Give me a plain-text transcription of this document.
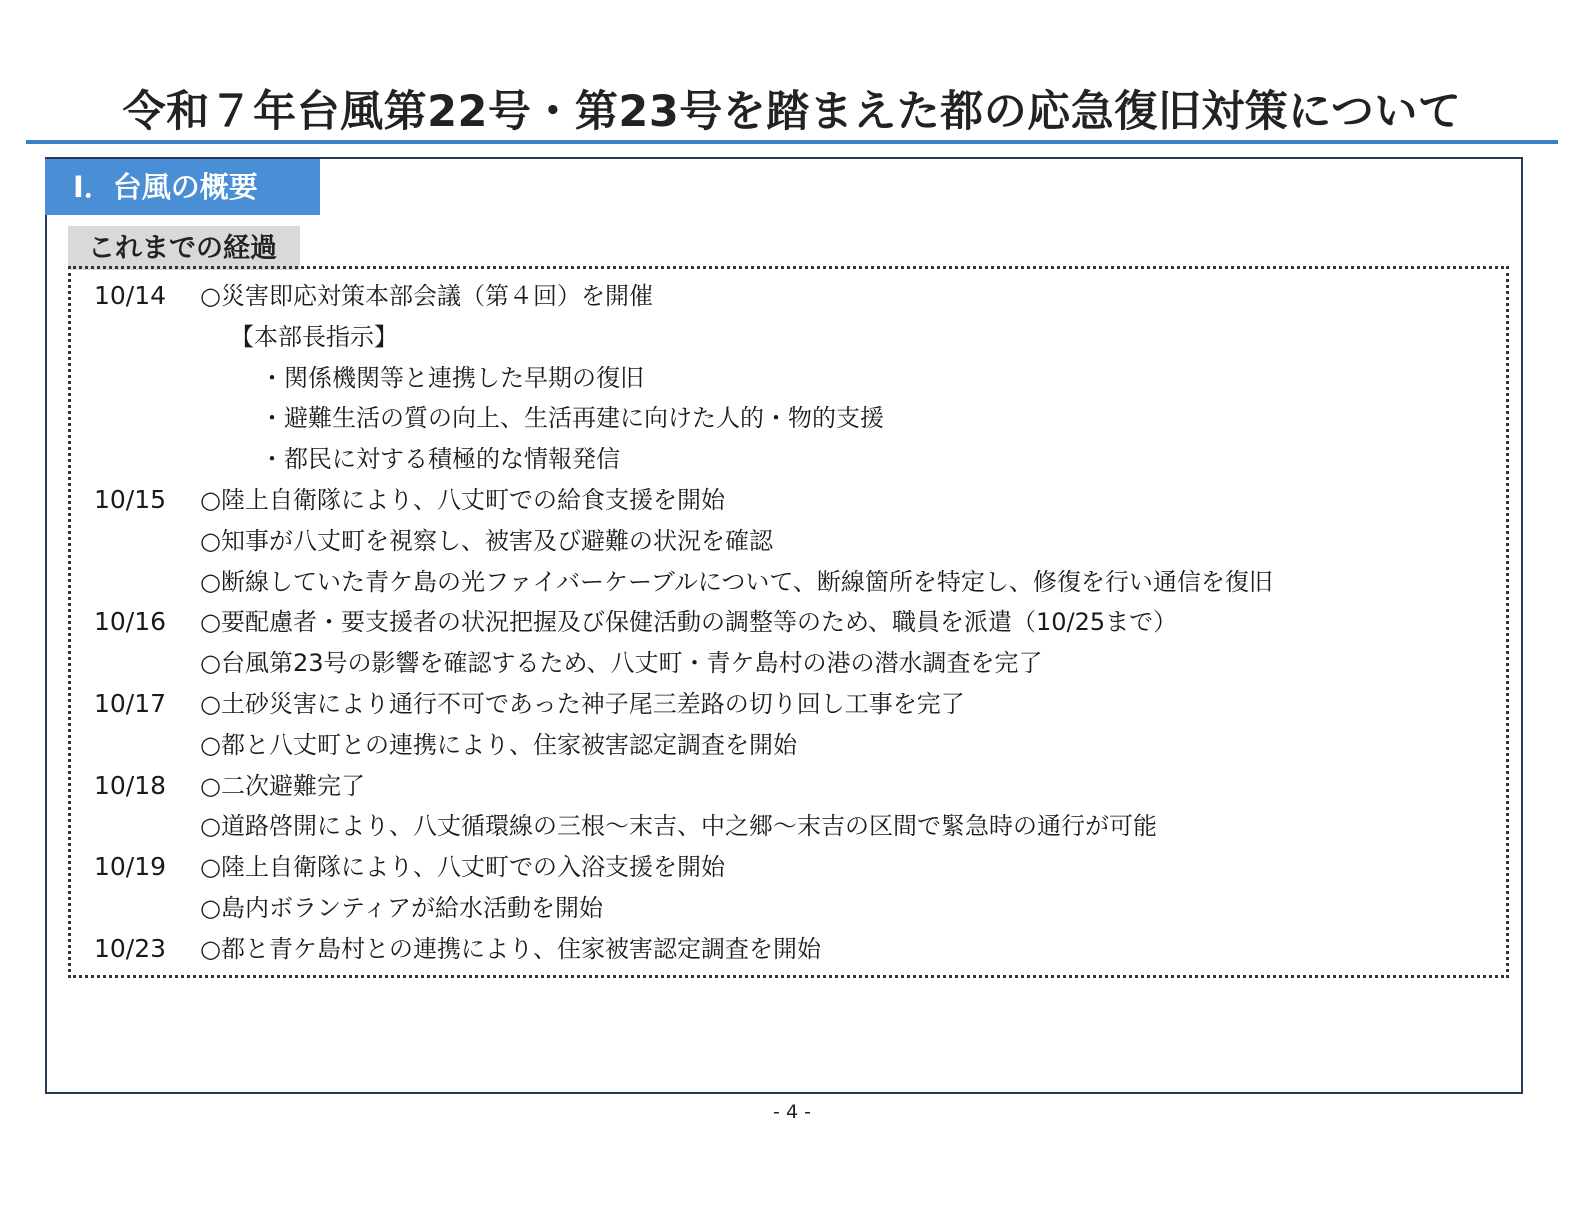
令和７年台風第22号・第23号を踏まえた都の応急復旧対策について
Ⅰ．台風の概要
これまでの経過
10/14	○災害即応対策本部会議（第４回）を開催
【本部長指示】
・関係機関等と連携した早期の復旧
・避難生活の質の向上、生活再建に向けた人的・物的支援
・都民に対する積極的な情報発信
10/15	○陸上自衛隊により、八丈町での給食支援を開始
○知事が八丈町を視察し、被害及び避難の状況を確認
○断線していた青ケ島の光ファイバーケーブルについて、断線箇所を特定し、修復を行い通信を復旧
10/16	○要配慮者・要支援者の状況把握及び保健活動の調整等のため、職員を派遣（10/25まで）
○台風第23号の影響を確認するため、八丈町・青ケ島村の港の潜水調査を完了
10/17	○土砂災害により通行不可であった神子尾三差路の切り回し工事を完了
○都と八丈町との連携により、住家被害認定調査を開始
10/18	○二次避難完了
○道路啓開により、八丈循環線の三根～末吉、中之郷～末吉の区間で緊急時の通行が可能
10/19	○陸上自衛隊により、八丈町での入浴支援を開始
○島内ボランティアが給水活動を開始
10/23	○都と青ケ島村との連携により、住家被害認定調査を開始
- 4 -
